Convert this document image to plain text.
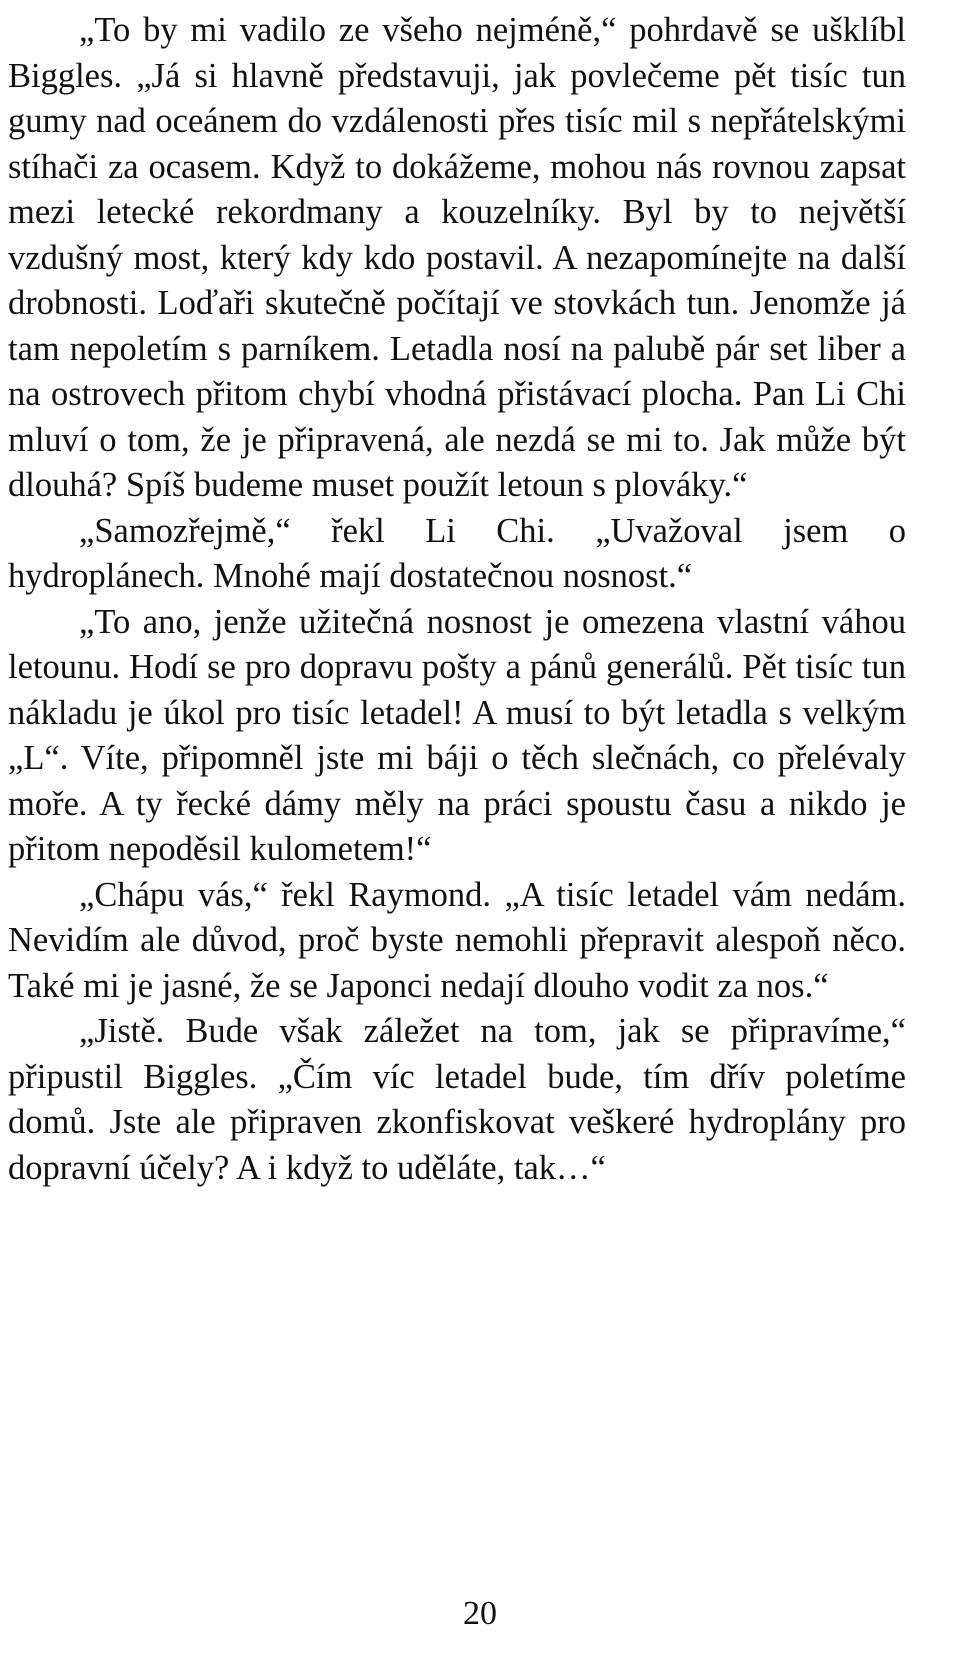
„To by mi vadilo ze všeho nejméně,“ pohrdavě se ušklíbl Biggles. „Já si hlavně představuji, jak povlečeme pět tisíc tun gumy nad oceánem do vzdálenosti přes tisíc mil s nepřátelskými stíhači za ocasem. Když to dokážeme, mohou nás rovnou zapsat mezi letecké rekordmany a kouzelníky. Byl by to největší vzdušný most, který kdy kdo postavil. A nezapomínejte na další drobnosti. Loďaři skutečně počítají ve stovkách tun. Jenomže já tam nepoletím s parníkem. Letadla nosí na palubě pár set liber a na ostrovech přitom chybí vhodná přistávací plocha. Pan Li Chi mluví o tom, že je připravená, ale nezdá se mi to. Jak může být dlouhá? Spíš budeme muset použít letoun s plováky.“

„Samozřejmě,“ řekl Li Chi. „Uvažoval jsem o hydroplánech. Mnohé mají dostatečnou nosnost.“

„To ano, jenže užitečná nosnost je omezena vlastní váhou letounu. Hodí se pro dopravu pošty a pánů generálů. Pět tisíc tun nákladu je úkol pro tisíc letadel! A musí to být letadla s velkým „L“. Víte, připomněl jste mi báji o těch slečnách, co přelévaly moře. A ty řecké dámy měly na práci spoustu času a nikdo je přitom nepoděsil kulometem!“

„Chápu vás,“ řekl Raymond. „A tisíc letadel vám nedám. Nevidím ale důvod, proč byste nemohli přepravit alespoň něco. Také mi je jasné, že se Japonci nedají dlouho vodit za nos.“

„Jistě. Bude však záležet na tom, jak se připravíme,“ připustil Biggles. „Čím víc letadel bude, tím dřív poletíme domů. Jste ale připraven zkonfiskovat veškeré hydroplány pro dopravní účely? A i když to uděláte, tak…“

20
